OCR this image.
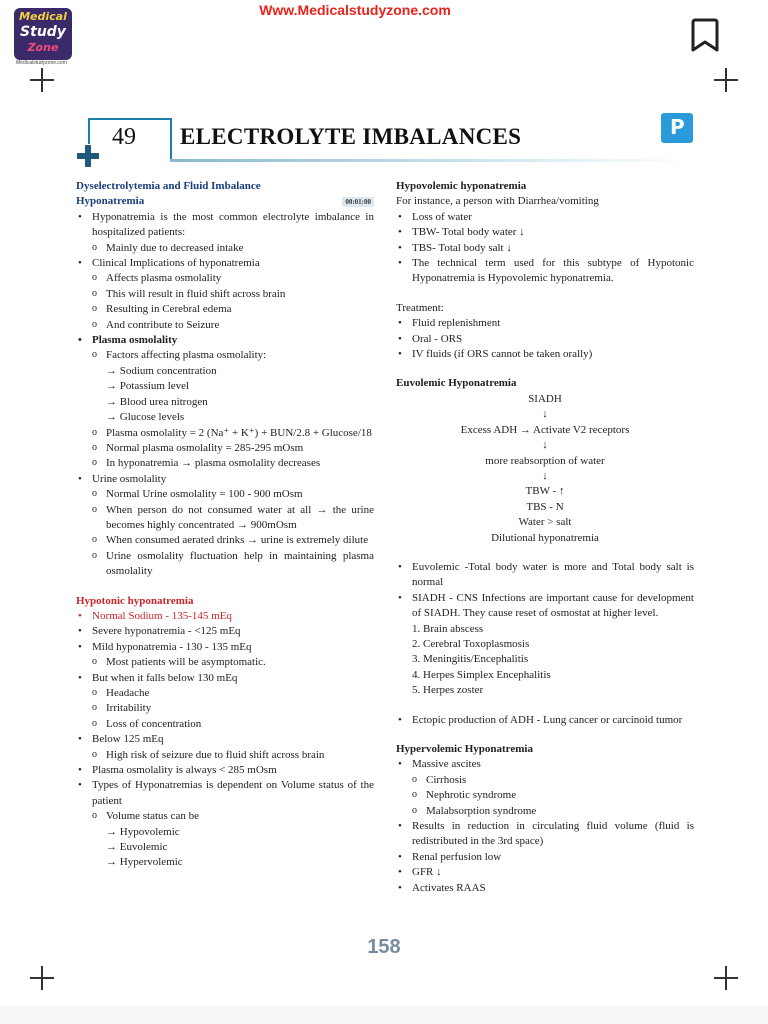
Www.Medicalstudyzone.com
Medical
Study
Zone
Medicalstudyzone.com
49 ELECTROLYTE IMBALANCES	P

Dyselectrolytemia and Fluid Imbalance

Hyponatremia	00:01:00

• Hyponatremia is the most common electrolyte imbalance in hospitalized patients:
o Mainly due to decreased intake
• Clinical Implications of hyponatremia
o Affects plasma osmolality
o This will result in fluid shift across brain
o Resulting in Cerebral edema
o And contribute to Seizure
• Plasma osmolality
o Factors affecting plasma osmolality:
→ Sodium concentration
→ Potassium level
→ Blood urea nitrogen
→ Glucose levels
o Plasma osmolality = 2 (Na⁺ + K⁺) + BUN/2.8 + Glucose/18
o Normal plasma osmolality = 285-295 mOsm
o In hyponatremia → plasma osmolality decreases
• Urine osmolality
o Normal Urine osmolality = 100 - 900 mOsm
o When person do not consumed water at all → the urine becomes highly concentrated → 900mOsm
o When consumed aerated drinks → urine is extremely dilute
o Urine osmolality fluctuation help in maintaining plasma osmolality

Hypotonic hyponatremia

• Normal Sodium - 135-145 mEq
• Severe hyponatremia - <125 mEq
• Mild hyponatremia - 130 - 135 mEq
o Most patients will be asymptomatic.
• But when it falls below 130 mEq
o Headache
o Irritability
o Loss of concentration
• Below 125 mEq
o High risk of seizure due to fluid shift across brain
• Plasma osmolality is always < 285 mOsm
• Types of Hyponatremias is dependent on Volume status of the patient
o Volume status can be
→ Hypovolemic
→ Euvolemic
→ Hypervolemic

Hypovolemic hyponatremia

For instance, a person with Diarrhea/vomiting

• Loss of water
• TBW- Total body water ↓
• TBS- Total body salt ↓
• The technical term used for this subtype of Hypotonic Hyponatremia is Hypovolemic hyponatremia.

Treatment:

• Fluid replenishment
• Oral - ORS
• IV fluids (if ORS cannot be taken orally)

Euvolemic Hyponatremia

SIADH

↓

Excess ADH → Activate V2 receptors

↓

more reabsorption of water

↓

TBW - ↑

TBS - N

Water > salt

Dilutional hyponatremia

• Euvolemic -Total body water is more and Total body salt is normal
• SIADH - CNS Infections are important cause for development of SIADH. They cause reset of osmostat at higher level.
1. Brain abscess
2. Cerebral Toxoplasmosis
3. Meningitis/Encephalitis
4. Herpes Simplex Encephalitis
5. Herpes zoster
• Ectopic production of ADH - Lung cancer or carcinoid tumor

Hypervolemic Hyponatremia

• Massive ascites
o Cirrhosis
o Nephrotic syndrome
o Malabsorption syndrome
• Results in reduction in circulating fluid volume (fluid is redistributed in the 3rd space)
• Renal perfusion low
• GFR ↓
• Activates RAAS
158
